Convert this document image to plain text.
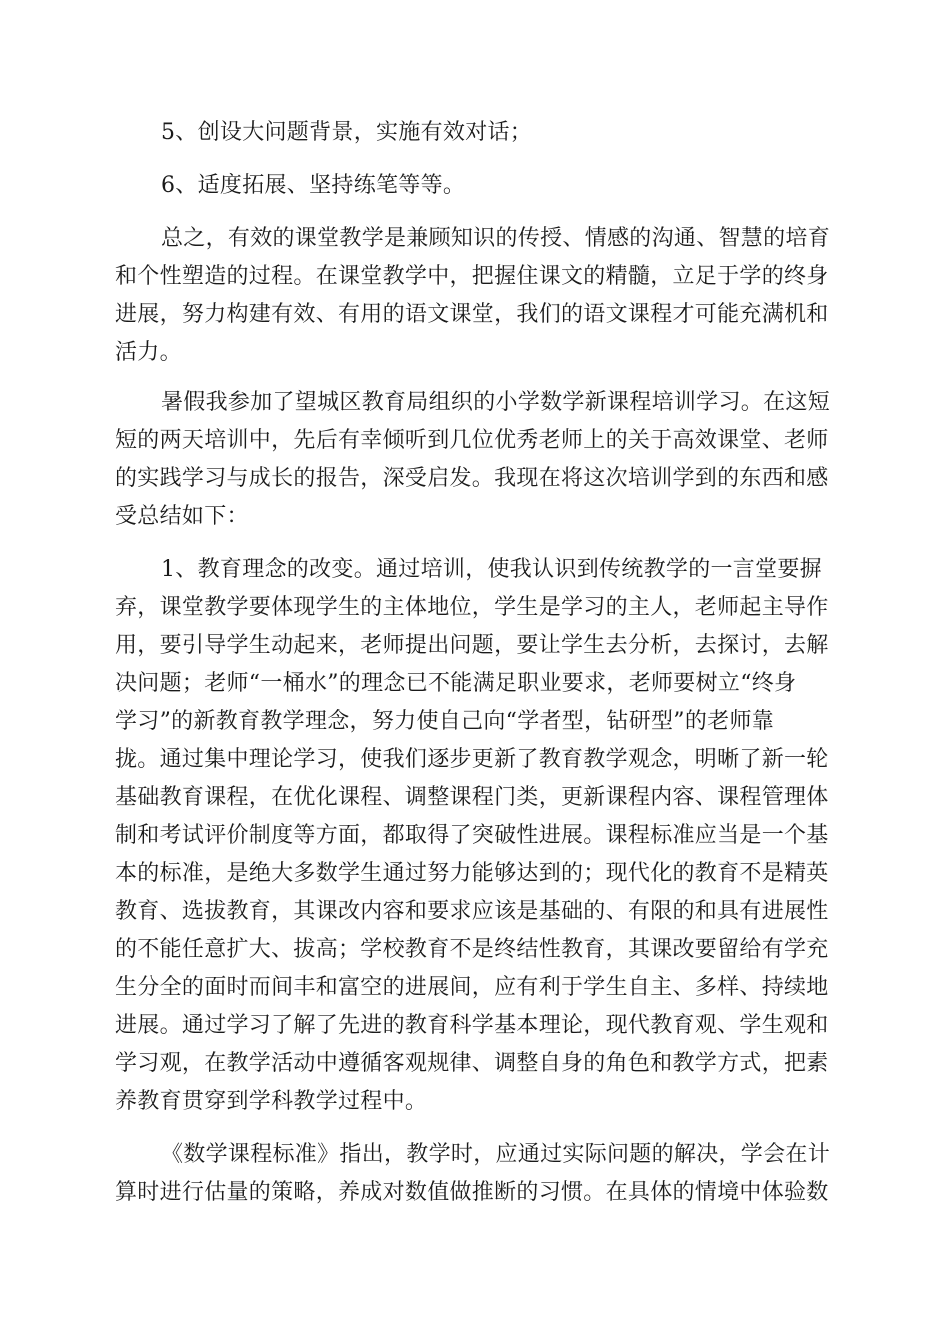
5、创设大问题背景，实施有效对话；
6、适度拓展、坚持练笔等等。
总之，有效的课堂教学是兼顾知识的传授、情感的沟通、智慧的培育
和个性塑造的过程。在课堂教学中，把握住课文的精髓，立足于学的终身
进展，努力构建有效、有用的语文课堂，我们的语文课程才可能充满机和
活力。
暑假我参加了望城区教育局组织的小学数学新课程培训学习。在这短
短的两天培训中，先后有幸倾听到几位优秀老师上的关于高效课堂、老师
的实践学习与成长的报告，深受启发。我现在将这次培训学到的东西和感
受总结如下：
1、教育理念的改变。通过培训，使我认识到传统教学的一言堂要摒
弃，课堂教学要体现学生的主体地位，学生是学习的主人，老师起主导作
用，要引导学生动起来，老师提出问题，要让学生去分析，去探讨，去解
决问题；老师“一桶水”的理念已不能满足职业要求，老师要树立“终身
学习”的新教育教学理念，努力使自己向“学者型，钻研型”的老师靠
拢。通过集中理论学习，使我们逐步更新了教育教学观念，明晰了新一轮
基础教育课程，在优化课程、调整课程门类，更新课程内容、课程管理体
制和考试评价制度等方面，都取得了突破性进展。课程标准应当是一个基
本的标准，是绝大多数学生通过努力能够达到的；现代化的教育不是精英
教育、选拔教育，其课改内容和要求应该是基础的、有限的和具有进展性
的不能任意扩大、拔高；学校教育不是终结性教育，其课改要留给有学充
生分全的面时而间丰和富空的进展间，应有利于学生自主、多样、持续地
进展。通过学习了解了先进的教育科学基本理论，现代教育观、学生观和
学习观，在教学活动中遵循客观规律、调整自身的角色和教学方式，把素
养教育贯穿到学科教学过程中。
《数学课程标准》指出，教学时，应通过实际问题的解决，学会在计
算时进行估量的策略，养成对数值做推断的习惯。在具体的情境中体验数
